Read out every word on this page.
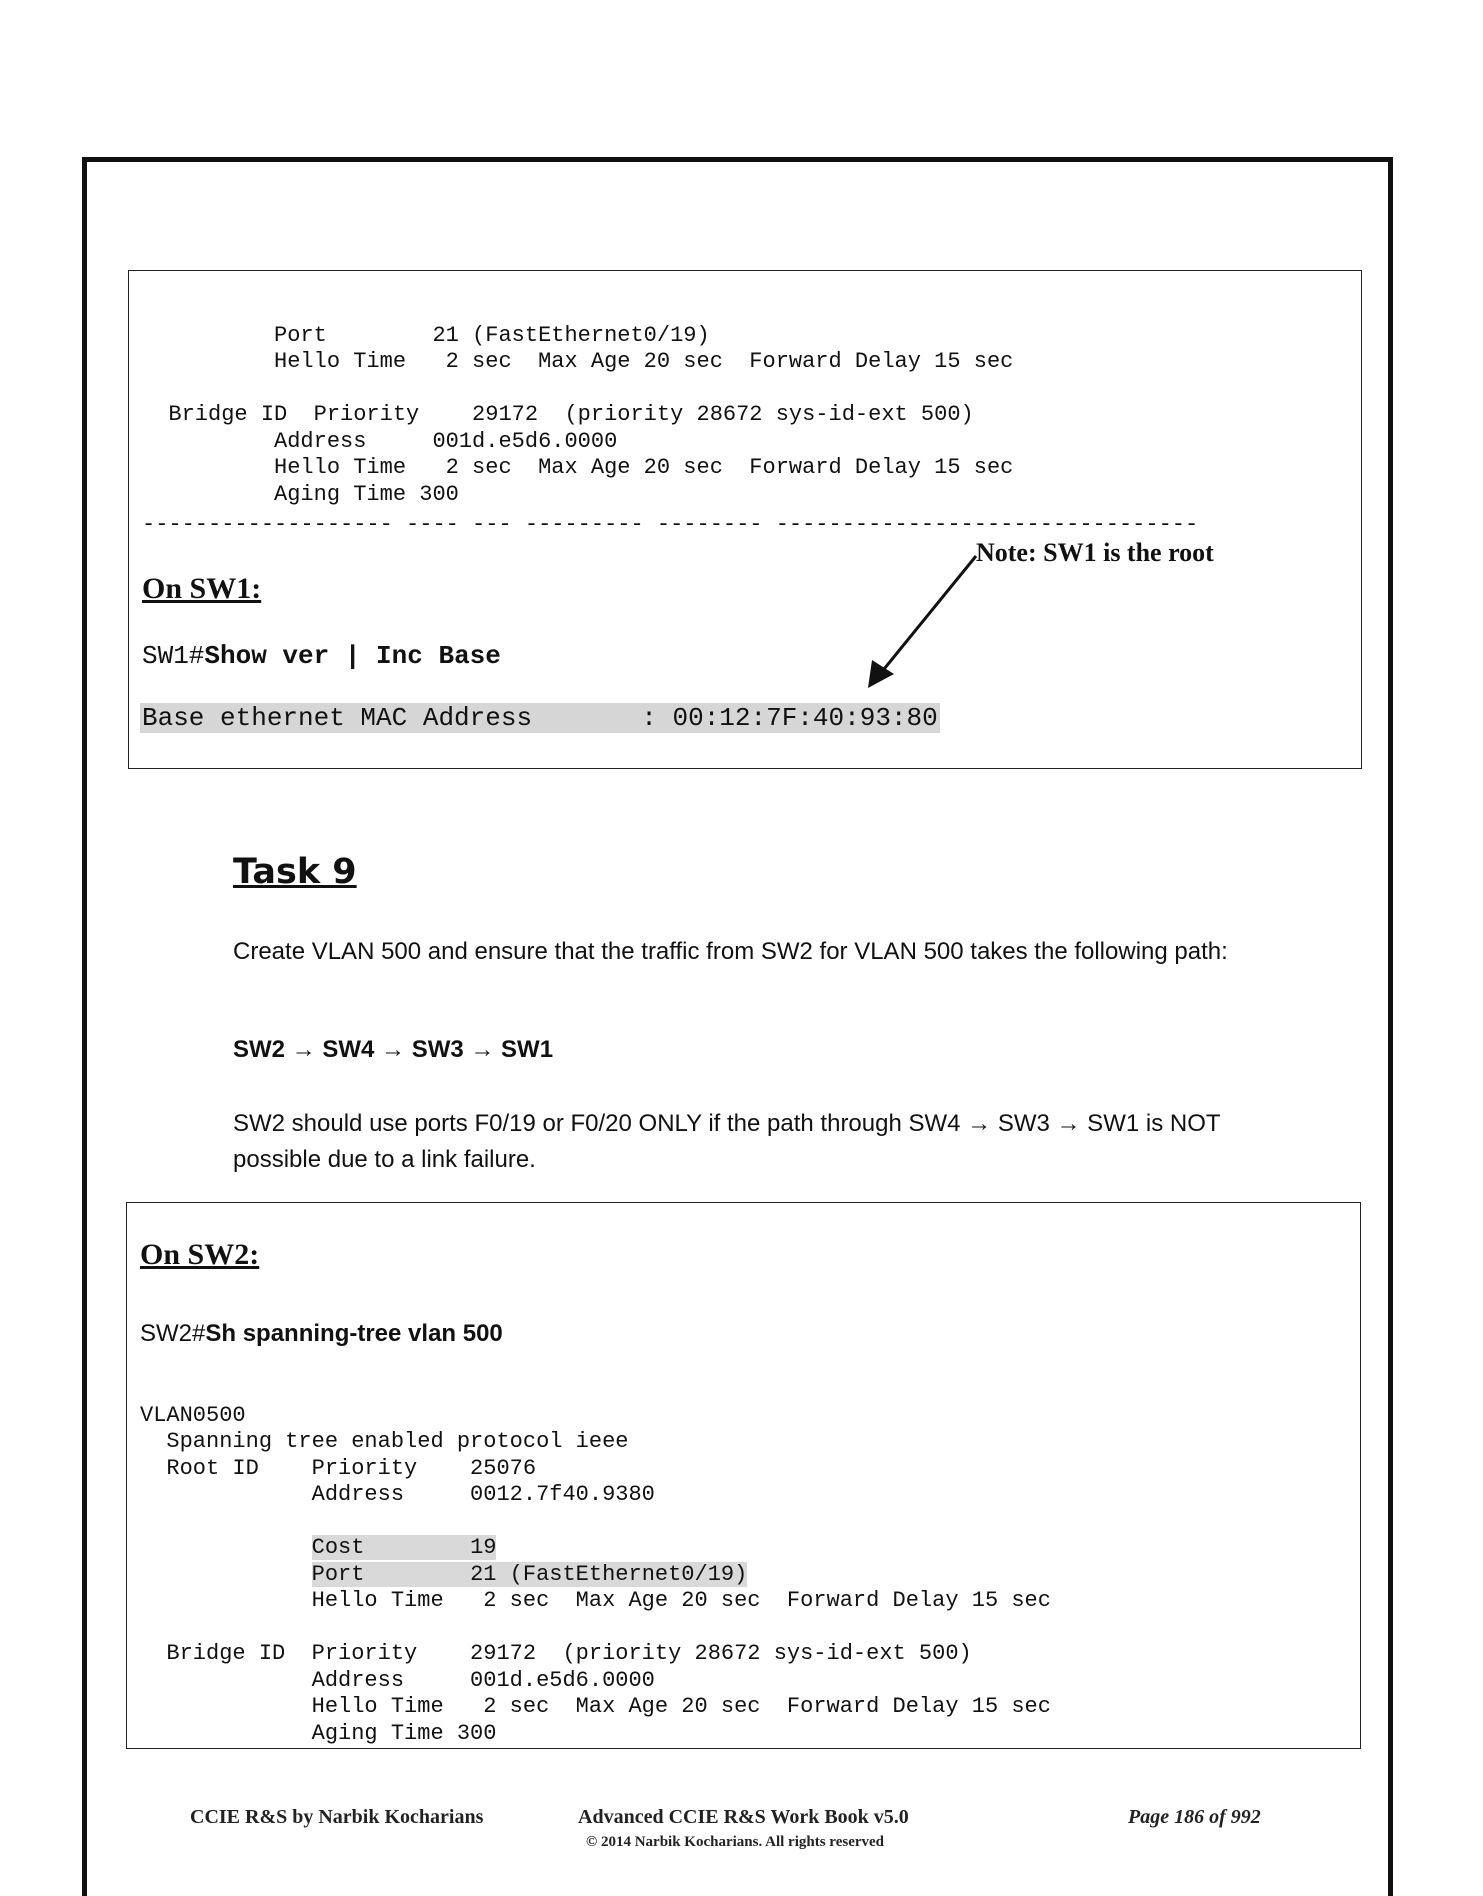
Port        21 (FastEthernet0/19)
Hello Time   2 sec  Max Age 20 sec  Forward Delay 15 sec
Bridge ID  Priority    29172  (priority 28672 sys-id-ext 500)
Address     001d.e5d6.0000
Hello Time   2 sec  Max Age 20 sec  Forward Delay 15 sec
Aging Time 300

------------------- ---- --- --------- -------- --------------------------------
Note: SW1 is the root
On SW1:
SW1#Show ver | Inc Base
Base ethernet MAC Address       : 00:12:7F:40:93:80
Task 9
Create VLAN 500 and ensure that the traffic from SW2 for VLAN 500 takes the following path:
SW2 → SW4 → SW3 → SW1
SW2 should use ports F0/19 or F0/20 ONLY if the path through SW4 → SW3 → SW1 is NOT possible due to a link failure.
On SW2:
SW2#Sh spanning-tree vlan 500

VLAN0500
Spanning tree enabled protocol ieee
Root ID    Priority    25076
Address     0012.7f40.9380
Cost        19
Port        21 (FastEthernet0/19)
Hello Time   2 sec  Max Age 20 sec  Forward Delay 15 sec
Bridge ID  Priority    29172  (priority 28672 sys-id-ext 500)
Address     001d.e5d6.0000
Hello Time   2 sec  Max Age 20 sec  Forward Delay 15 sec
Aging Time 300

CCIE R&S by Narbik Kocharians	Advanced CCIE R&S Work Book v5.0
© 2014 Narbik Kocharians. All rights reserved
Page 186 of 992
